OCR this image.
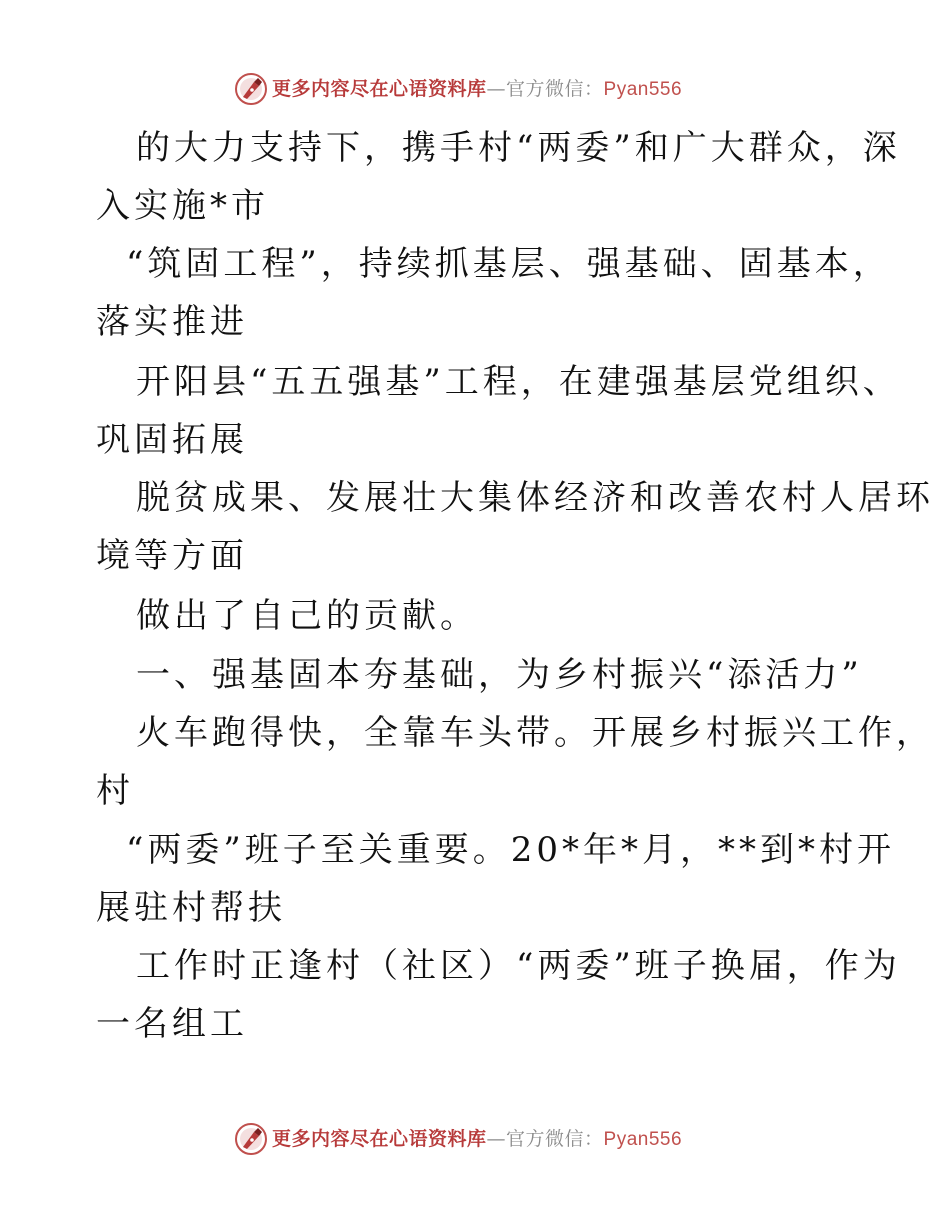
更多内容尽在心语资料库—官方微信：Pyan556
的大力支持下，携手村“两委”和广大群众，深
入实施*市
“筑固工程”，持续抓基层、强基础、固基本，
落实推进
开阳县“五五强基”工程，在建强基层党组织、
巩固拓展
脱贫成果、发展壮大集体经济和改善农村人居环
境等方面
做出了自己的贡献。
一、强基固本夯基础，为乡村振兴“添活力”
火车跑得快，全靠车头带。开展乡村振兴工作，
村
“两委”班子至关重要。20*年*月，**到*村开
展驻村帮扶
工作时正逢村（社区）“两委”班子换届，作为
一名组工
更多内容尽在心语资料库—官方微信：Pyan556
